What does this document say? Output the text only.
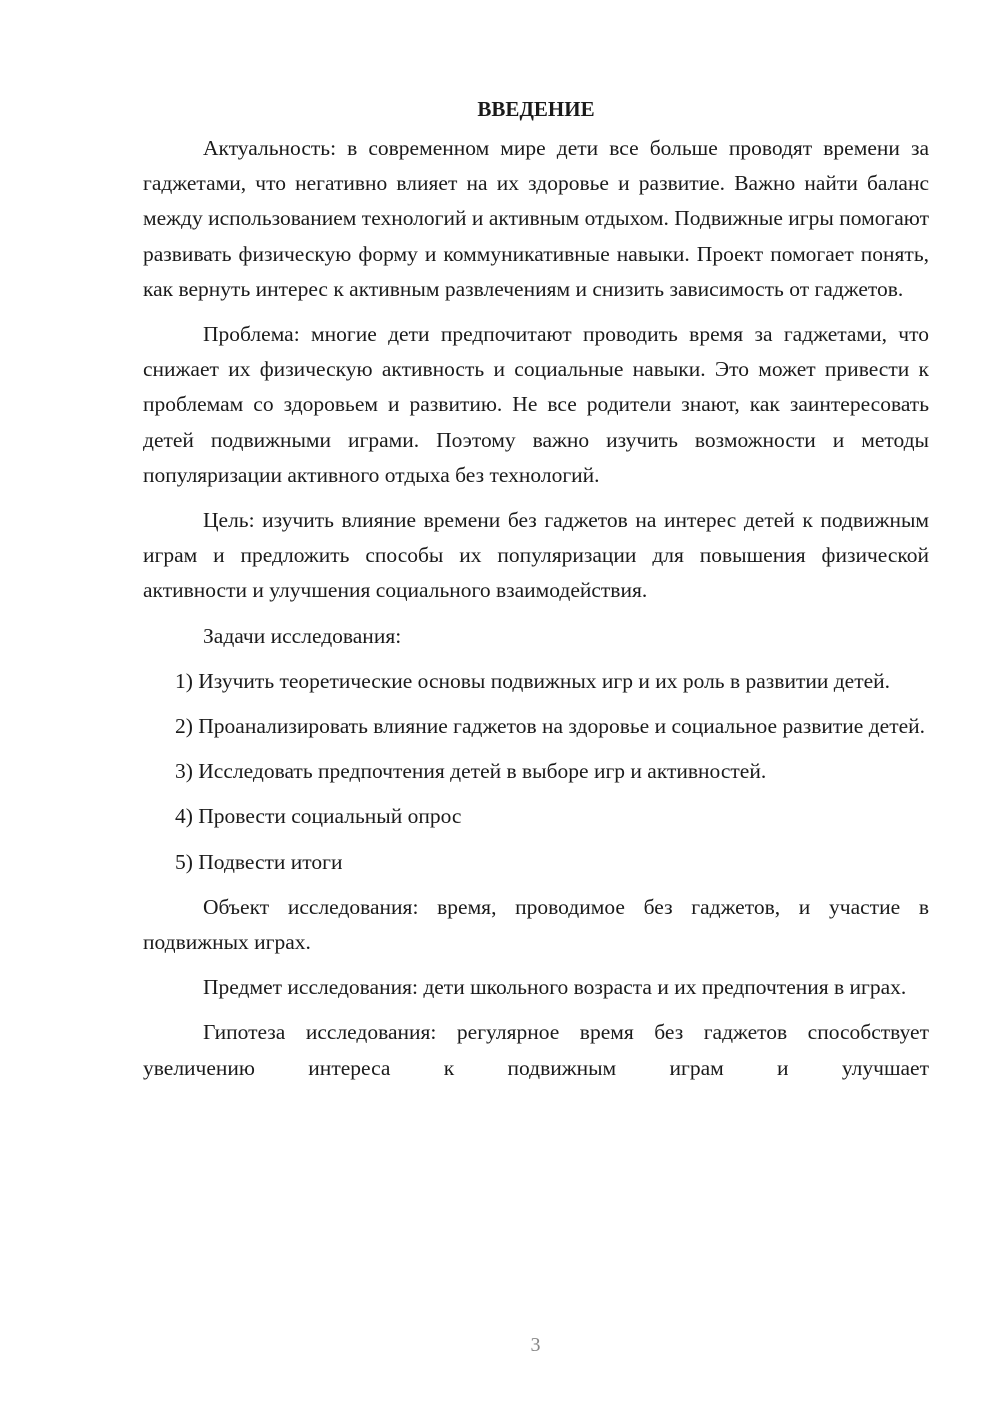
ВВЕДЕНИЕ

Актуальность: в современном мире дети все больше проводят времени за гаджетами, что негативно влияет на их здоровье и развитие. Важно найти баланс между использованием технологий и активным отдыхом. Подвижные игры помогают развивать физическую форму и коммуникативные навыки. Проект помогает понять, как вернуть интерес к активным развлечениям и снизить зависимость от гаджетов.

Проблема: многие дети предпочитают проводить время за гаджетами, что снижает их физическую активность и социальные навыки. Это может привести к проблемам со здоровьем и развитию. Не все родители знают, как заинтересовать детей подвижными играми. Поэтому важно изучить возможности и методы популяризации активного отдыха без технологий.

Цель: изучить влияние времени без гаджетов на интерес детей к подвижным играм и предложить способы их популяризации для повышения физической активности и улучшения социального взаимодействия.

Задачи исследования:

1) Изучить теоретические основы подвижных игр и их роль в развитии детей.

2) Проанализировать влияние гаджетов на здоровье и социальное развитие детей.

3) Исследовать предпочтения детей в выборе игр и активностей.

4) Провести социальный опрос

5) Подвести итоги

Объект исследования: время, проводимое без гаджетов, и участие в подвижных играх.

Предмет исследования: дети школьного возраста и их предпочтения в играх.

Гипотеза исследования: регулярное время без гаджетов способствует увеличению интереса к подвижным играм и улучшает

3
